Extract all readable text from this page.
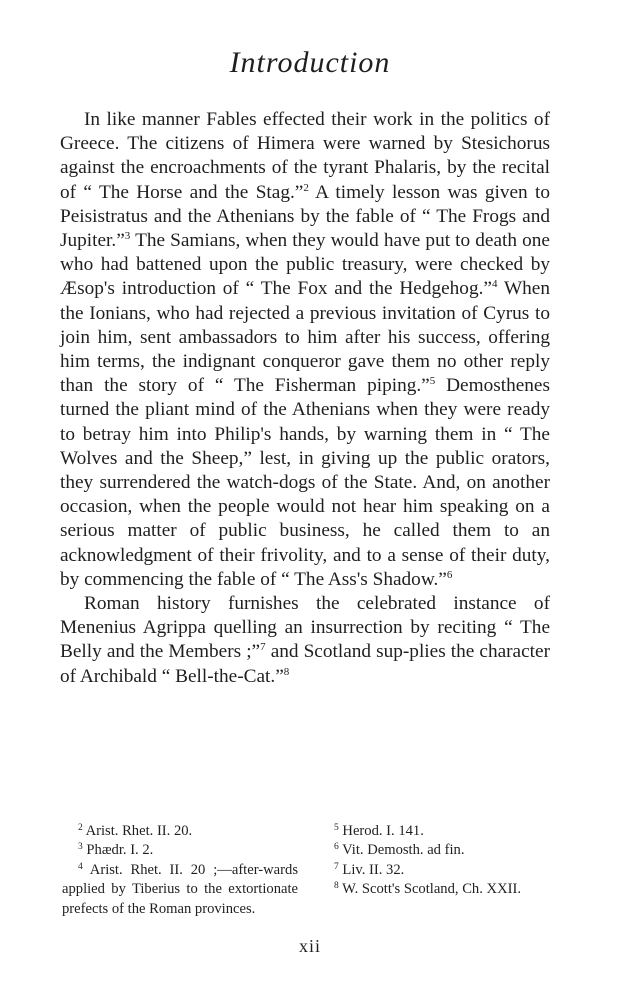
Introduction

In like manner Fables effected their work in the politics of Greece. The citizens of Himera were warned by Stesichorus against the encroachments of the tyrant Phalaris, by the recital of “ The Horse and the Stag.”$^2$ A timely lesson was given to Peisistratus and the Athenians by the fable of “ The Frogs and Jupiter.”$^3$ The Samians, when they would have put to death one who had battened upon the public treasury, were checked by Æsop's introduction of “ The Fox and the Hedgehog.”$^4$ When the Ionians, who had rejected a previous invitation of Cyrus to join him, sent ambassadors to him after his success, offering him terms, the indignant conqueror gave them no other reply than the story of “ The Fisherman piping.”$^5$ Demosthenes turned the pliant mind of the Athenians when they were ready to betray him into Philip's hands, by warning them in “ The Wolves and the Sheep,” lest, in giving up the public orators, they surrendered the watch-dogs of the State. And, on another occasion, when the people would not hear him speaking on a serious matter of public business, he called them to an acknowledgment of their frivolity, and to a sense of their duty, by commencing the fable of “ The Ass's Shadow.”$^6$

Roman history furnishes the celebrated instance of Menenius Agrippa quelling an insurrection by reciting “ The Belly and the Members ;”$^7$ and Scotland sup-plies the character of Archibald “ Bell-the-Cat.”$^8$

$^2$ Arist. Rhet. II. 20.
$^3$ Phædr. I. 2.
$^4$ Arist. Rhet. II. 20 ;—after-wards applied by Tiberius to the extortionate prefects of the Roman provinces.
$^5$ Herod. I. 141.
$^6$ Vit. Demosth. ad fin.
$^7$ Liv. II. 32.
$^8$ W. Scott's Scotland, Ch. XXII.
xii
